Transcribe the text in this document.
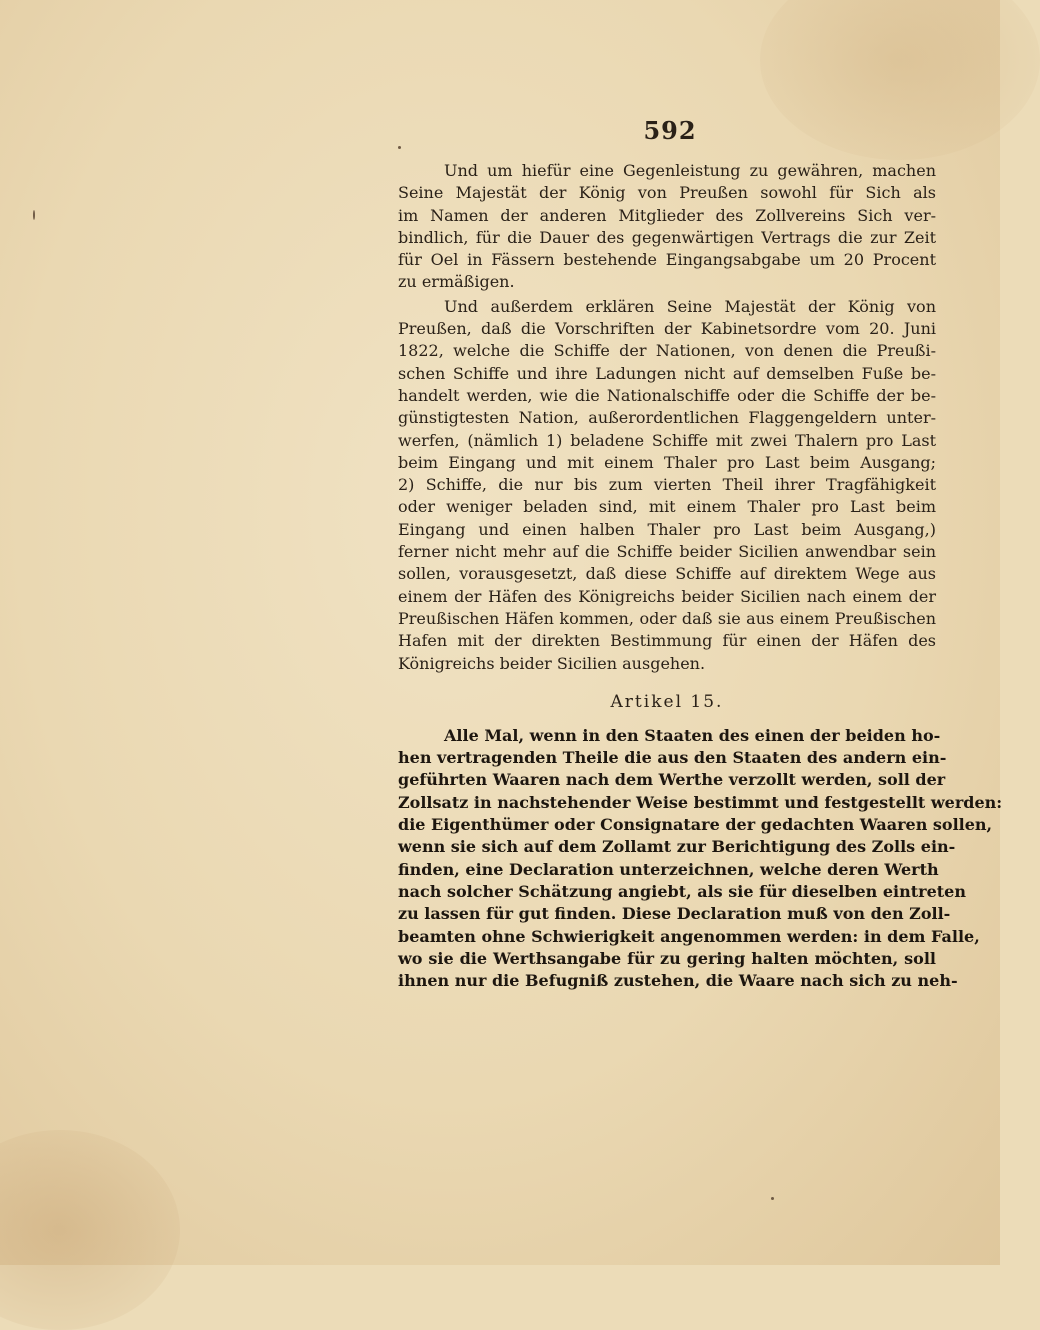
592

Und um hiefür eine Gegenleistung zu gewähren, machen

Seine Majestät der König von Preußen sowohl für Sich als

im Namen der anderen Mitglieder des Zollvereins Sich ver-

bindlich, für die Dauer des gegenwärtigen Vertrags die zur Zeit

für Oel in Fässern bestehende Eingangsabgabe um 20 Procent

zu ermäßigen.

Und außerdem erklären Seine Majestät der König von

Preußen, daß die Vorschriften der Kabinetsordre vom 20. Juni

1822, welche die Schiffe der Nationen, von denen die Preußi-

schen Schiffe und ihre Ladungen nicht auf demselben Fuße be-

handelt werden, wie die Nationalschiffe oder die Schiffe der be-

günstigtesten Nation, außerordentlichen Flaggengeldern unter-

werfen, (nämlich 1) beladene Schiffe mit zwei Thalern pro Last

beim Eingang und mit einem Thaler pro Last beim Ausgang;

2) Schiffe, die nur bis zum vierten Theil ihrer Tragfähigkeit

oder weniger beladen sind, mit einem Thaler pro Last beim

Eingang und einen halben Thaler pro Last beim Ausgang,)

ferner nicht mehr auf die Schiffe beider Sicilien anwendbar sein

sollen, vorausgesetzt, daß diese Schiffe auf direktem Wege aus

einem der Häfen des Königreichs beider Sicilien nach einem der

Preußischen Häfen kommen, oder daß sie aus einem Preußischen

Hafen mit der direkten Bestimmung für einen der Häfen des

Königreichs beider Sicilien ausgehen.

Artikel 15.

Alle Mal, wenn in den Staaten des einen der beiden ho-

hen vertragenden Theile die aus den Staaten des andern ein-

geführten Waaren nach dem Werthe verzollt werden, soll der

Zollsatz in nachstehender Weise bestimmt und festgestellt werden:

die Eigenthümer oder Consignatare der gedachten Waaren sollen,

wenn sie sich auf dem Zollamt zur Berichtigung des Zolls ein-

finden, eine Declaration unterzeichnen, welche deren Werth

nach solcher Schätzung angiebt, als sie für dieselben eintreten

zu lassen für gut finden. Diese Declaration muß von den Zoll-

beamten ohne Schwierigkeit angenommen werden: in dem Falle,

wo sie die Werthsangabe für zu gering halten möchten, soll

ihnen nur die Befugniß zustehen, die Waare nach sich zu neh-
